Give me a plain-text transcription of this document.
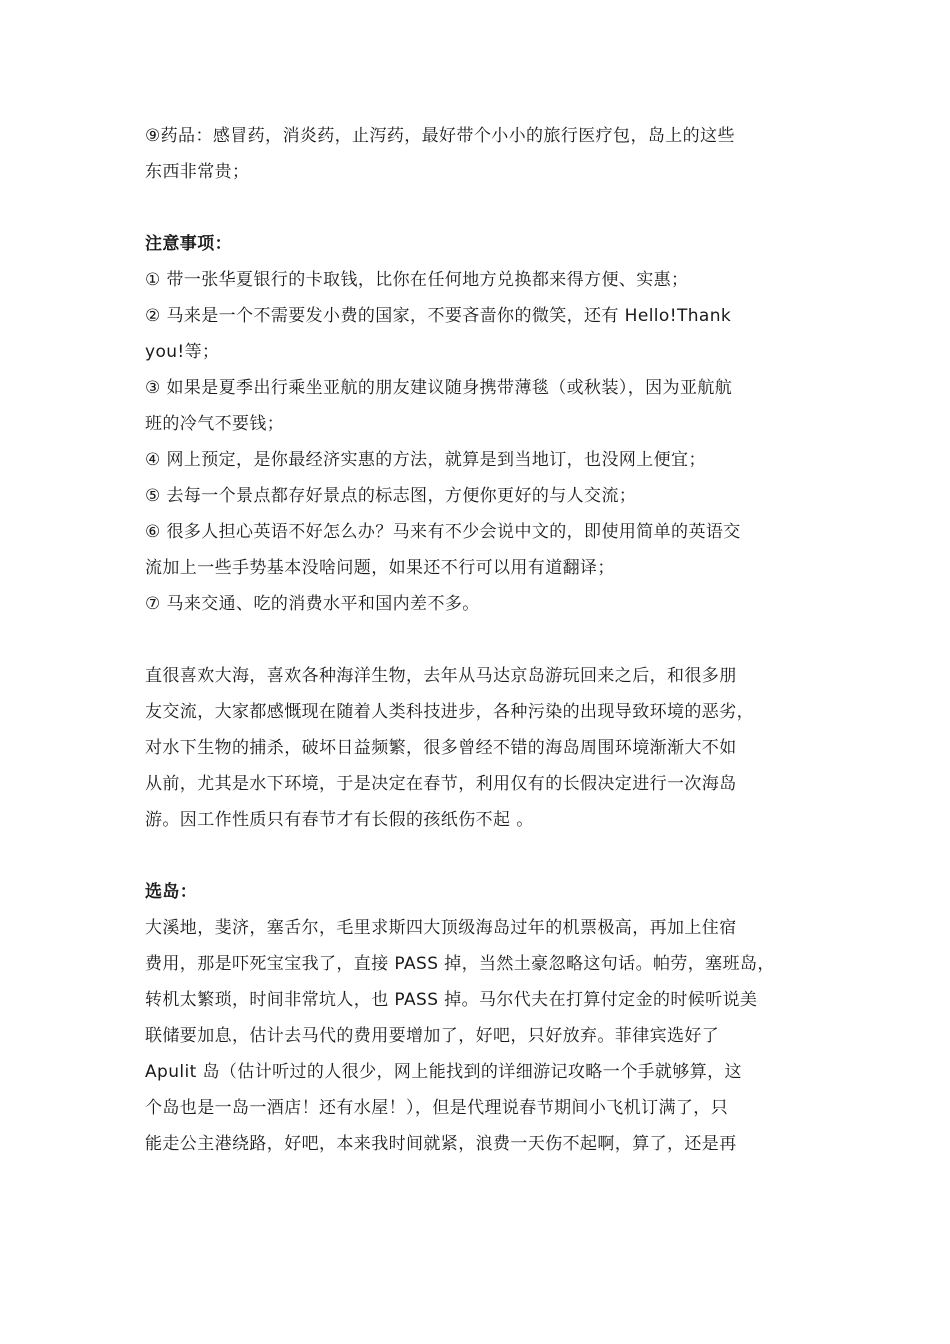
⑨药品：感冒药，消炎药，止泻药，最好带个小小的旅行医疗包，岛上的这些
东西非常贵；
注意事项：
① 带一张华夏银行的卡取钱，比你在任何地方兑换都来得方便、实惠；
② 马来是一个不需要发小费的国家，不要吝啬你的微笑，还有 Hello!Thank
you!等；
③ 如果是夏季出行乘坐亚航的朋友建议随身携带薄毯（或秋装），因为亚航航
班的冷气不要钱；
④ 网上预定，是你最经济实惠的方法，就算是到当地订，也没网上便宜；
⑤ 去每一个景点都存好景点的标志图，方便你更好的与人交流；
⑥ 很多人担心英语不好怎么办？马来有不少会说中文的，即使用简单的英语交
流加上一些手势基本没啥问题，如果还不行可以用有道翻译；
⑦ 马来交通、吃的消费水平和国内差不多。
直很喜欢大海，喜欢各种海洋生物，去年从马达京岛游玩回来之后，和很多朋
友交流，大家都感慨现在随着人类科技进步，各种污染的出现导致环境的恶劣，
对水下生物的捕杀，破坏日益频繁，很多曾经不错的海岛周围环境渐渐大不如
从前，尤其是水下环境，于是决定在春节，利用仅有的长假决定进行一次海岛
游。因工作性质只有春节才有长假的孩纸伤不起 。
选岛：
大溪地，斐济，塞舌尔，毛里求斯四大顶级海岛过年的机票极高，再加上住宿
费用，那是吓死宝宝我了，直接 PASS 掉，当然土豪忽略这句话。帕劳，塞班岛，
转机太繁琐，时间非常坑人，也 PASS 掉。马尔代夫在打算付定金的时候听说美
联储要加息，估计去马代的费用要增加了，好吧，只好放弃。菲律宾选好了
Apulit 岛（估计听过的人很少，网上能找到的详细游记攻略一个手就够算，这
个岛也是一岛一酒店！还有水屋！），但是代理说春节期间小飞机订满了，只
能走公主港绕路，好吧，本来我时间就紧，浪费一天伤不起啊，算了，还是再
